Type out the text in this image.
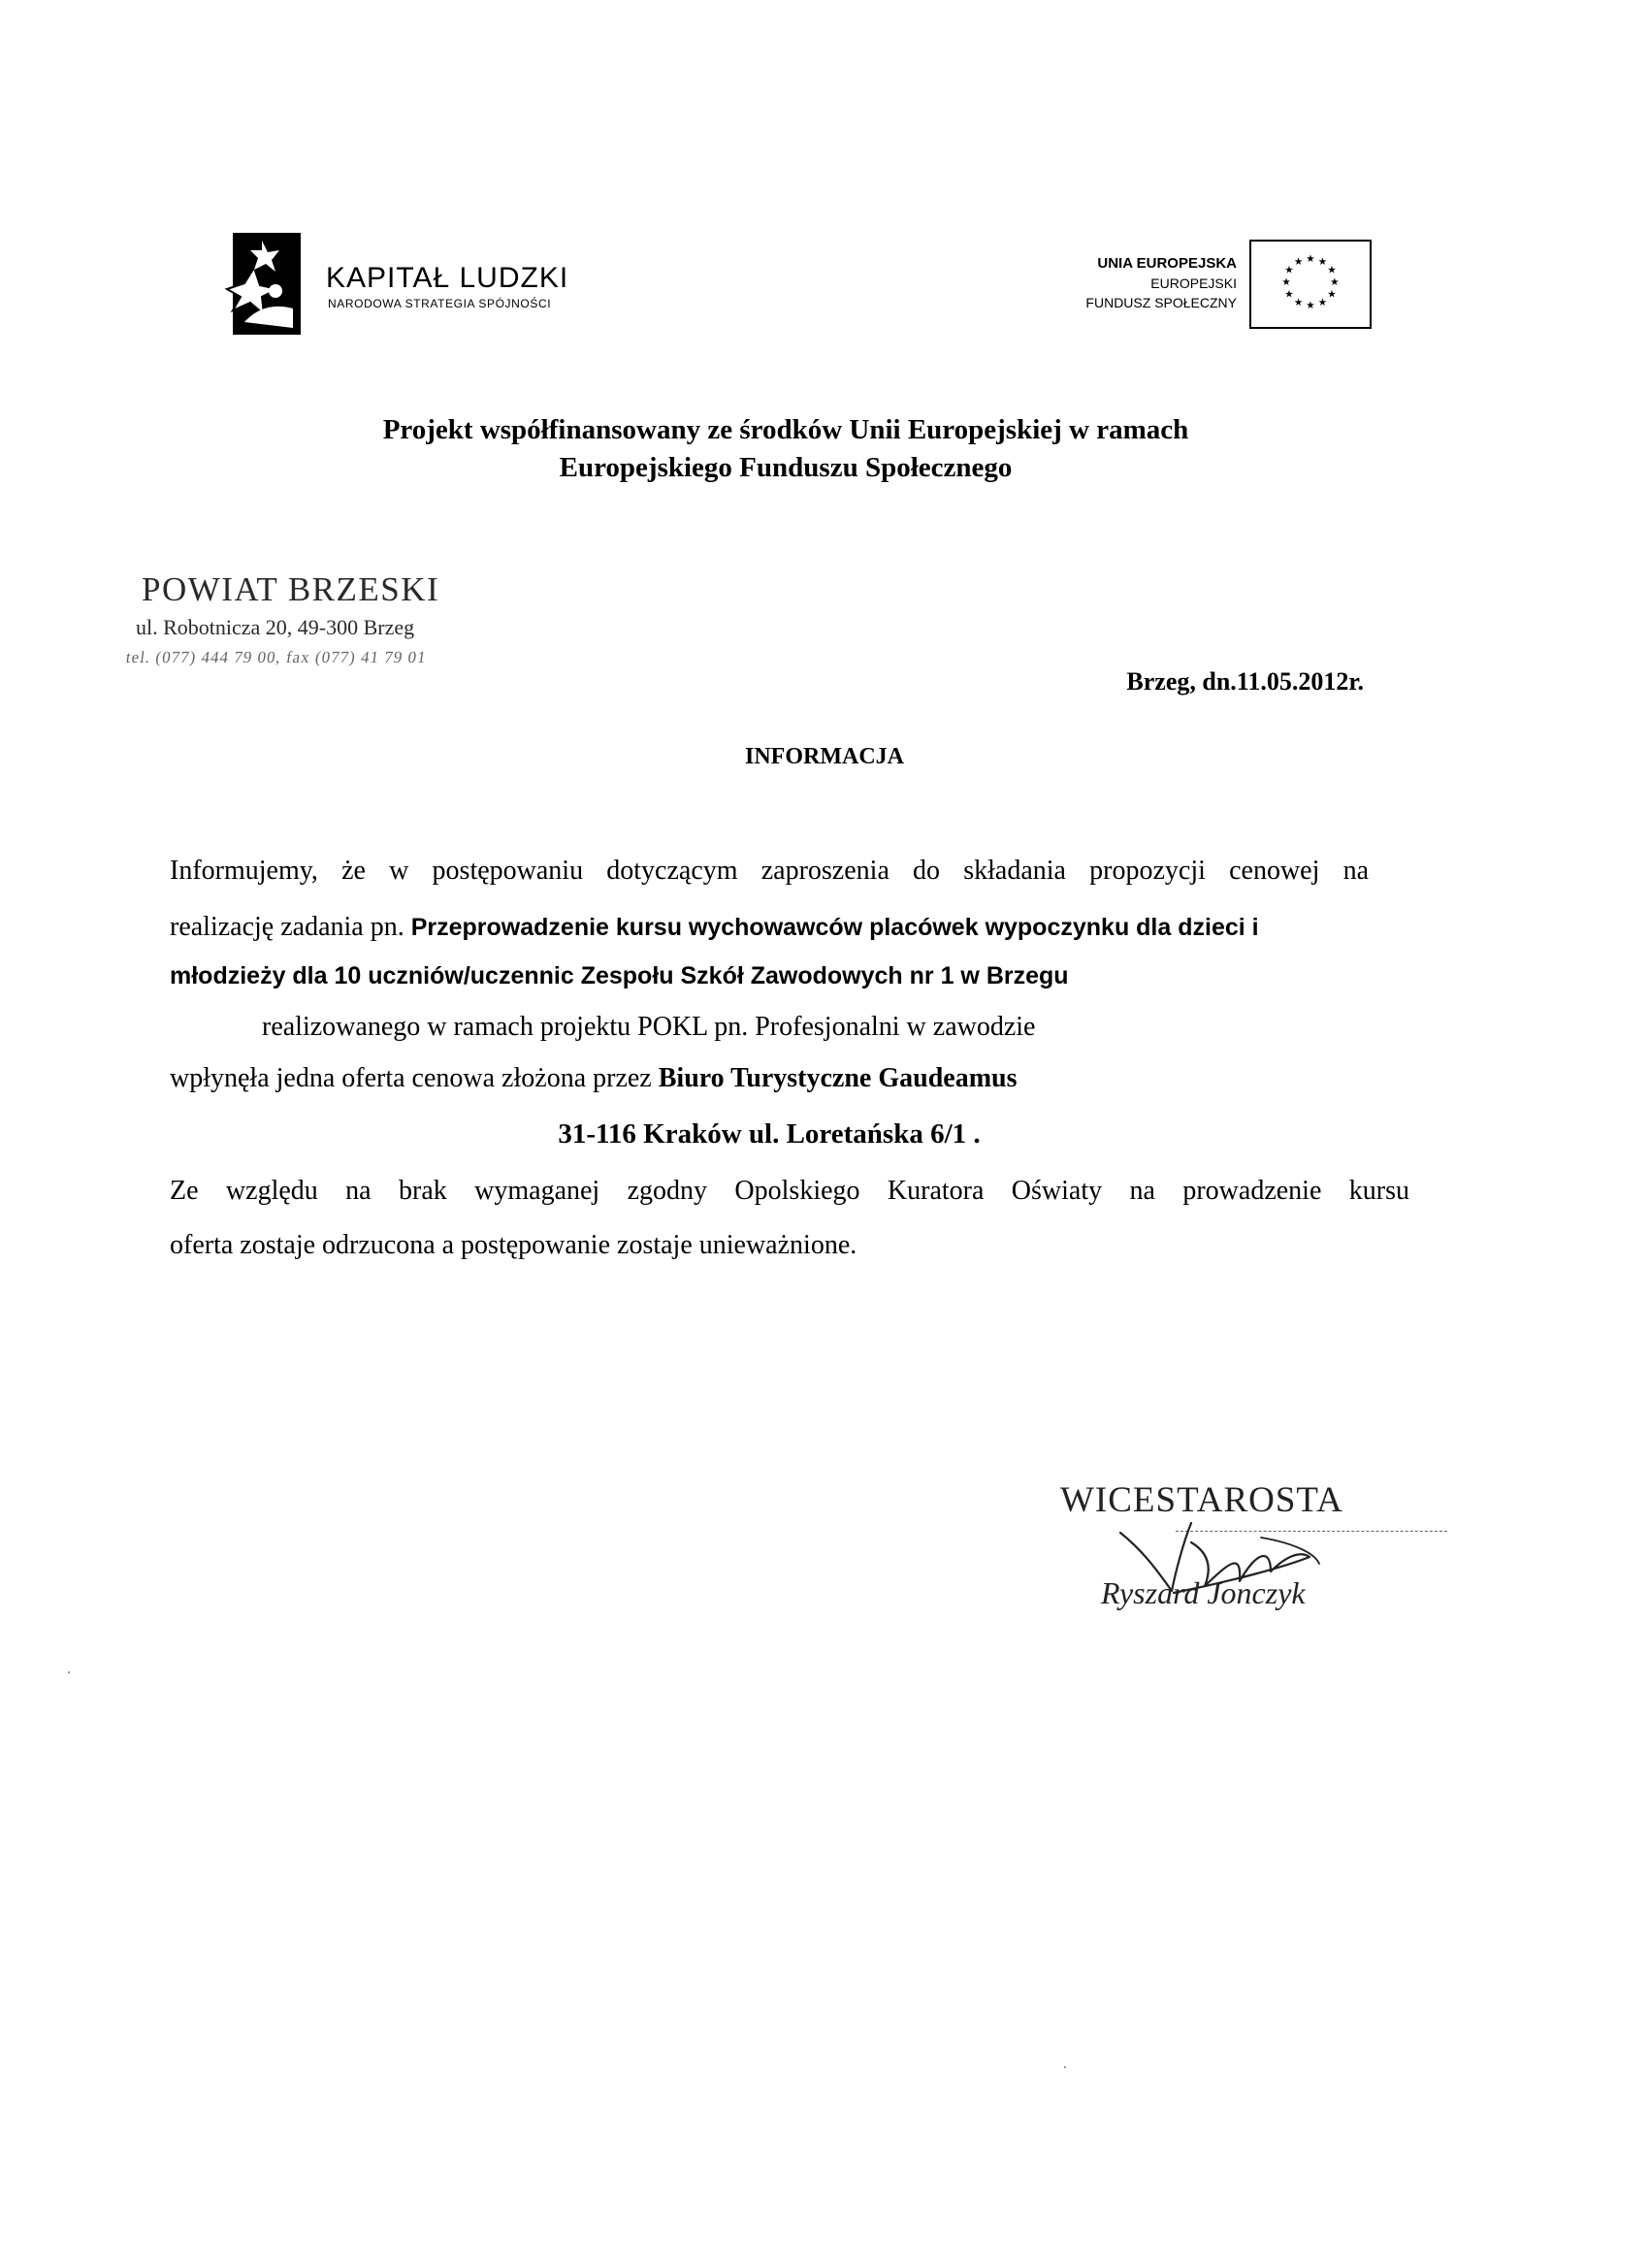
KAPITAŁ LUDZKI
NARODOWA STRATEGIA SPÓJNOŚCI
UNIA EUROPEJSKA
EUROPEJSKI
FUNDUSZ SPOŁECZNY
★ ★
★
★
★
★
★
★
★
★
★
★
Projekt współfinansowany ze środków Unii Europejskiej w ramach
Europejskiego Funduszu Społecznego
POWIAT BRZESKI
ul. Robotnicza 20, 49-300 Brzeg
tel. (077) 444 79 00, fax (077) 41 79 01
Brzeg, dn.11.05.2012r.
INFORMACJA
Informujemy, że w postępowaniu dotyczącym zaproszenia do składania propozycji cenowej na
realizację zadania pn. Przeprowadzenie kursu wychowawców placówek wypoczynku dla dzieci i
młodzieży dla 10 uczniów/uczennic Zespołu Szkół Zawodowych nr 1 w Brzegu
realizowanego w ramach projektu POKL pn. Profesjonalni w zawodzie
wpłynęła jedna oferta cenowa złożona przez Biuro Turystyczne Gaudeamus
31-116 Kraków ul. Loretańska 6/1 .
Ze względu na brak wymaganej zgodny Opolskiego Kuratora Oświaty na prowadzenie kursu
oferta zostaje odrzucona a postępowanie zostaje unieważnione.
WICESTAROSTA
Ryszard Jonczyk
